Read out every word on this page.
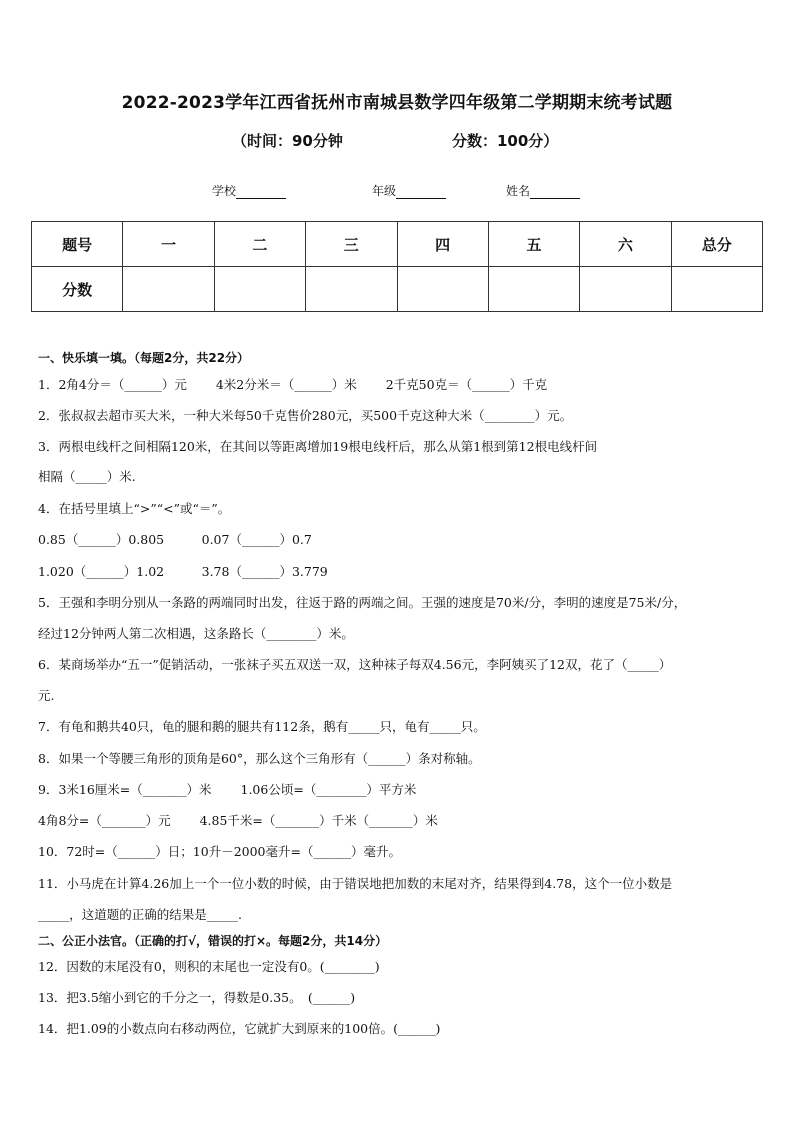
2022-2023学年江西省抚州市南城县数学四年级第二学期期末统考试题
（时间：90分钟	分数：100分）
学校	年级	姓名
题号	一	二	三	四	五	六	总分
分数							
一、快乐填一填。（每题2分，共22分）
1．2角4分＝（______）元　　 4米2分米＝（______）米　　 2千克50克＝（______）千克
2．张叔叔去超市买大米，一种大米每50千克售价280元，买500千克这种大米（________）元。
3．两根电线杆之间相隔120米，在其间以等距离增加19根电线杆后，那么从第1根到第12根电线杆间
相隔（_____）米.
4．在括号里填上“>”“<”或“＝”。
0.85（______）0.805　　　0.07（______）0.7
1.020（______）1.02　　　3.78（______）3.779
5．王强和李明分别从一条路的两端同时出发，往返于路的两端之间。王强的速度是70米/分，李明的速度是75米/分，
经过12分钟两人第二次相遇，这条路长（________）米。
6．某商场举办“五一”促销活动，一张袜子买五双送一双，这种袜子每双4.56元，李阿姨买了12双，花了（_____）
元.
7．有龟和鹅共40只，龟的腿和鹅的腿共有112条，鹅有_____只，龟有_____只。
8．如果一个等腰三角形的顶角是60°，那么这个三角形有（______）条对称轴。
9．3米16厘米=（_______）米　　 1.06公顷=（________）平方米
4角8分=（_______）元　　 4.85千米=（_______）千米（_______）米
10．72时=（______）日；10升－2000毫升=（______）毫升。
11．小马虎在计算4.26加上一个一位小数的时候，由于错误地把加数的末尾对齐，结果得到4.78，这个一位小数是
_____，这道题的正确的结果是_____.
二、公正小法官。（正确的打√，错误的打×。每题2分，共14分）
12．因数的末尾没有0，则积的末尾也一定没有0。(________)
13．把3.5缩小到它的千分之一，得数是0.35。　(______)
14．把1.09的小数点向右移动两位，它就扩大到原来的100倍。(______)
